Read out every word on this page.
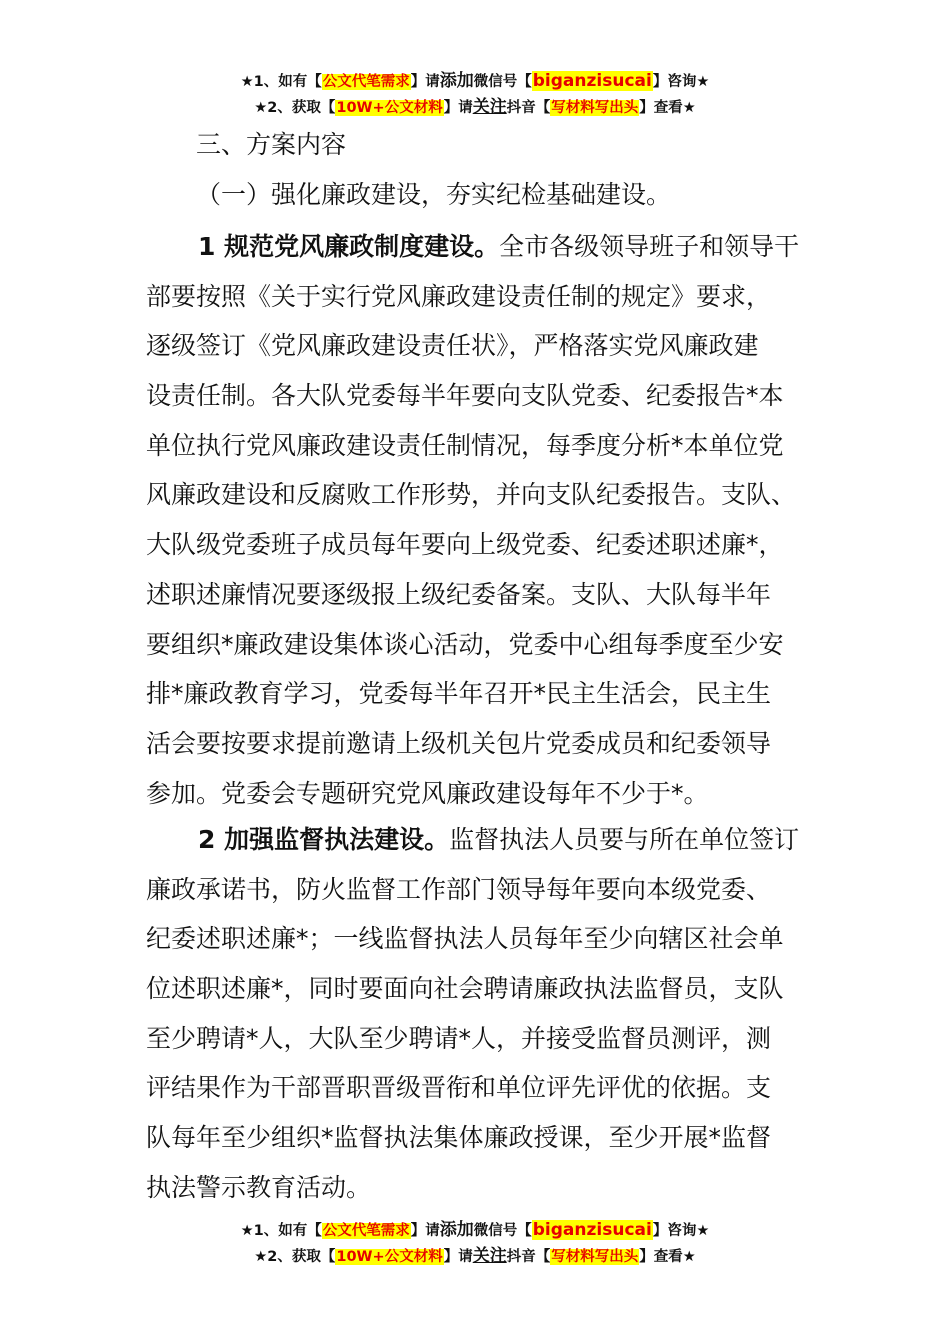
★1、如有【公文代笔需求】请添加微信号【biganzisucai】咨询★
★2、获取【10W+公文材料】请关注抖音【写材料写出头】查看★
三、方案内容
（一）强化廉政建设，夯实纪检基础建设。
1 规范党风廉政制度建设。全市各级领导班子和领导干
部要按照《关于实行党风廉政建设责任制的规定》要求，
逐级签订《党风廉政建设责任状》，严格落实党风廉政建
设责任制。各大队党委每半年要向支队党委、纪委报告*本
单位执行党风廉政建设责任制情况，每季度分析*本单位党
风廉政建设和反腐败工作形势，并向支队纪委报告。支队、
大队级党委班子成员每年要向上级党委、纪委述职述廉*，
述职述廉情况要逐级报上级纪委备案。支队、大队每半年
要组织*廉政建设集体谈心活动，党委中心组每季度至少安
排*廉政教育学习，党委每半年召开*民主生活会，民主生
活会要按要求提前邀请上级机关包片党委成员和纪委领导
参加。党委会专题研究党风廉政建设每年不少于*。
2 加强监督执法建设。监督执法人员要与所在单位签订
廉政承诺书，防火监督工作部门领导每年要向本级党委、
纪委述职述廉*；一线监督执法人员每年至少向辖区社会单
位述职述廉*，同时要面向社会聘请廉政执法监督员，支队
至少聘请*人，大队至少聘请*人，并接受监督员测评，测
评结果作为干部晋职晋级晋衔和单位评先评优的依据。支
队每年至少组织*监督执法集体廉政授课，至少开展*监督
执法警示教育活动。
★1、如有【公文代笔需求】请添加微信号【biganzisucai】咨询★
★2、获取【10W+公文材料】请关注抖音【写材料写出头】查看★
